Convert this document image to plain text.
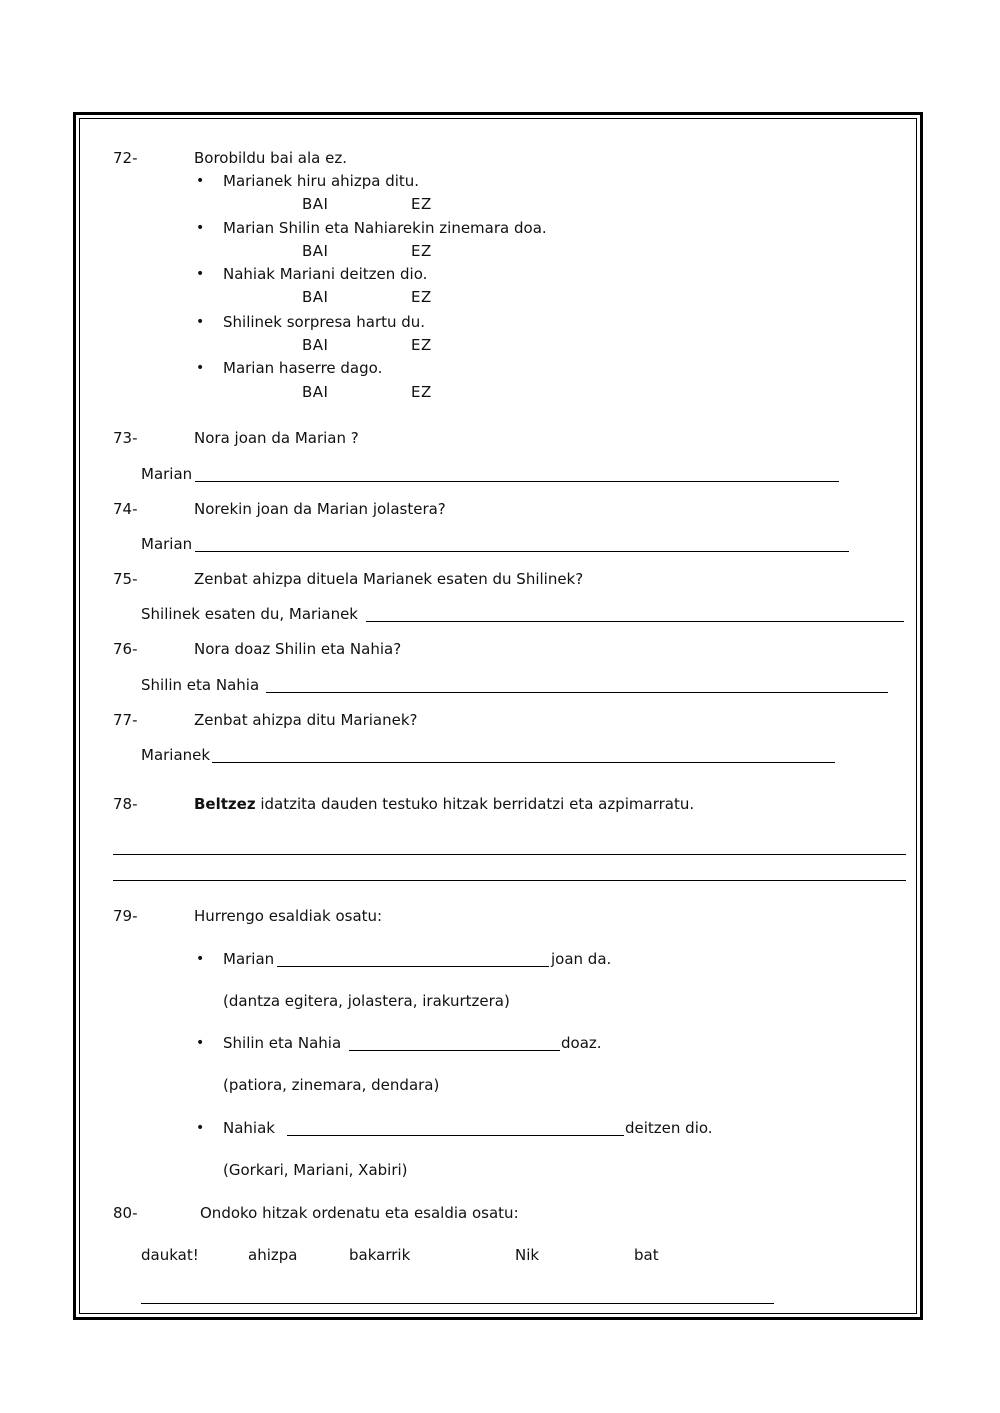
72-	Borobildu bai ala ez.
• Marianek hiru ahizpa ditu.
BAI	EZ
• Marian Shilin eta Nahiarekin zinemara doa.
BAI	EZ
• Nahiak Mariani deitzen dio.
BAI	EZ
• Shilinek sorpresa hartu du.
BAI	EZ
• Marian haserre dago.
BAI	EZ
73-	Nora joan da Marian ?
Marian
74-	Norekin joan da Marian jolastera?
Marian
75-	Zenbat ahizpa dituela Marianek esaten du Shilinek?
Shilinek esaten du, Marianek
76-	Nora doaz Shilin eta Nahia?
Shilin eta Nahia
77-	Zenbat ahizpa ditu Marianek?
Marianek
78-	Beltzez idatzita dauden testuko hitzak berridatzi eta azpimarratu.
79-	Hurrengo esaldiak osatu:
• Marian	joan da.
(dantza egitera, jolastera, irakurtzera)
• Shilin eta Nahia	doaz.
(patiora, zinemara, dendara)
• Nahiak	deitzen dio.
(Gorkari, Mariani, Xabiri)
80-	Ondoko hitzak ordenatu eta esaldia osatu:
daukat!	ahizpa	bakarrik	Nik	bat
